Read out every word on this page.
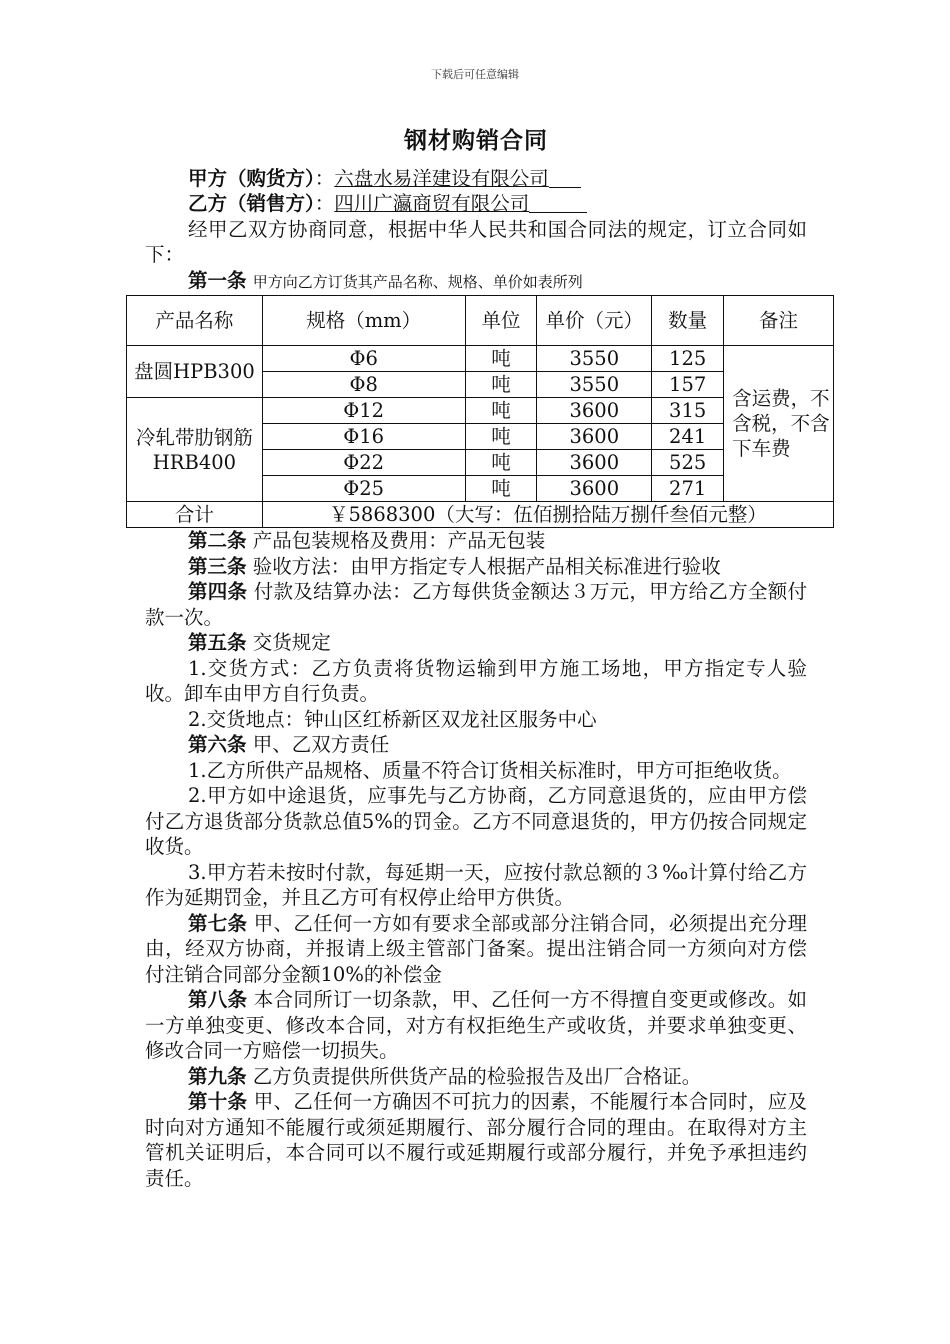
下载后可任意编辑
钢材购销合同
甲方（购货方）：六盘水易洋建设有限公司
乙方（销售方）：四川广瀛商贸有限公司

经甲乙双方协商同意，根据中华人民共和国合同法的规定，订立合同如下：

第一条 甲方向乙方订货其产品名称、规格、单价如表所列

产品名称	规格（mm）	单位	单价（元）	数量	备注
盘圆HPB300	Φ6	吨	3550	125	含运费，不含税，不含下车费
	Φ8	吨	3550	157	
冷轧带肋钢筋HRB400	Φ12	吨	3600	315	
	Φ16	吨	3600	241	
	Φ22	吨	3600	525	
	Φ25	吨	3600	271	
合计	￥5868300（大写：伍佰捌拾陆万捌仟叁佰元整）				

第二条 产品包装规格及费用：产品无包装

第三条 验收方法：由甲方指定专人根据产品相关标准进行验收

第四条 付款及结算办法：乙方每供货金额达３万元，甲方给乙方全额付款一次。

第五条 交货规定

1.交货方式：乙方负责将货物运输到甲方施工场地，甲方指定专人验收。卸车由甲方自行负责。

2.交货地点：钟山区红桥新区双龙社区服务中心

第六条 甲、乙双方责任

1.乙方所供产品规格、质量不符合订货相关标准时，甲方可拒绝收货。

2.甲方如中途退货，应事先与乙方协商，乙方同意退货的，应由甲方偿付乙方退货部分货款总值5%的罚金。乙方不同意退货的，甲方仍按合同规定收货。

3.甲方若未按时付款，每延期一天，应按付款总额的３‰计算付给乙方作为延期罚金，并且乙方可有权停止给甲方供货。

第七条 甲、乙任何一方如有要求全部或部分注销合同，必须提出充分理由，经双方协商，并报请上级主管部门备案。提出注销合同一方须向对方偿付注销合同部分金额10%的补偿金

第八条 本合同所订一切条款，甲、乙任何一方不得擅自变更或修改。如一方单独变更、修改本合同，对方有权拒绝生产或收货，并要求单独变更、修改合同一方赔偿一切损失。

第九条 乙方负责提供所供货产品的检验报告及出厂合格证。

第十条 甲、乙任何一方确因不可抗力的因素，不能履行本合同时，应及时向对方通知不能履行或须延期履行、部分履行合同的理由。在取得对方主管机关证明后，本合同可以不履行或延期履行或部分履行，并免予承担违约责任。
